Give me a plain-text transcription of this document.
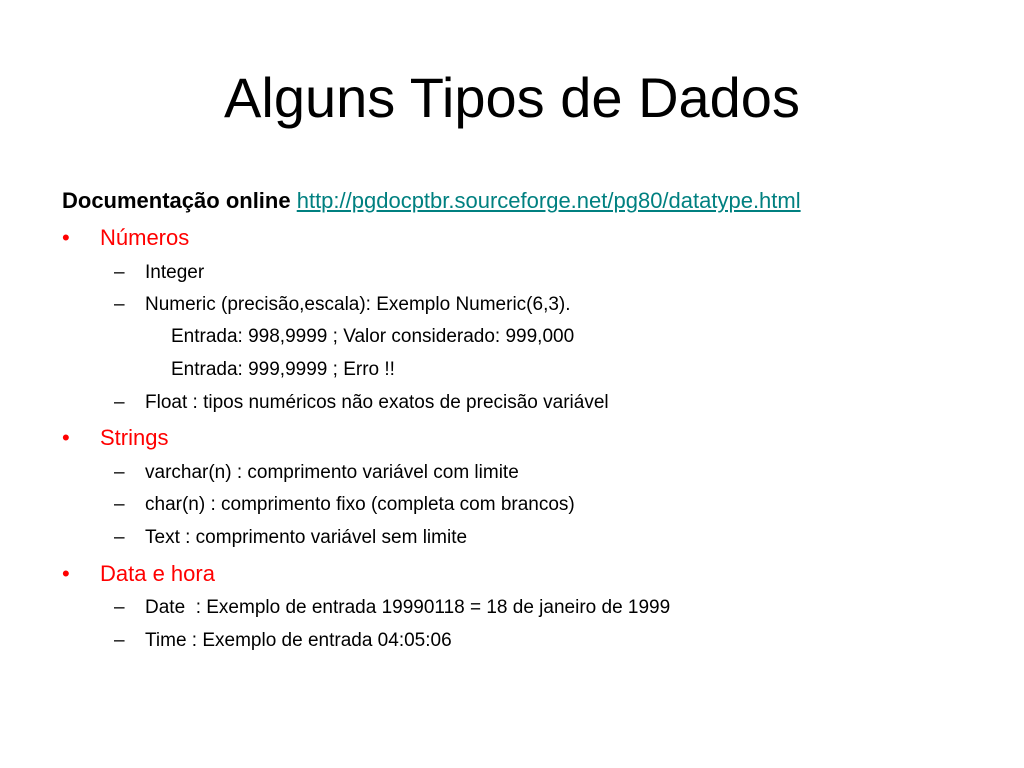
Alguns Tipos de Dados
Documentação online http://pgdocptbr.sourceforge.net/pg80/datatype.html
• Números
– Integer
– Numeric (precisão,escala): Exemplo Numeric(6,3).
Entrada: 998,9999 ; Valor considerado: 999,000
Entrada: 999,9999 ; Erro !!
– Float : tipos numéricos não exatos de precisão variável
• Strings
– varchar(n) : comprimento variável com limite
– char(n) : comprimento fixo (completa com brancos)
– Text : comprimento variável sem limite
• Data e hora
– Date  : Exemplo de entrada 19990118 = 18 de janeiro de 1999
– Time : Exemplo de entrada 04:05:06
